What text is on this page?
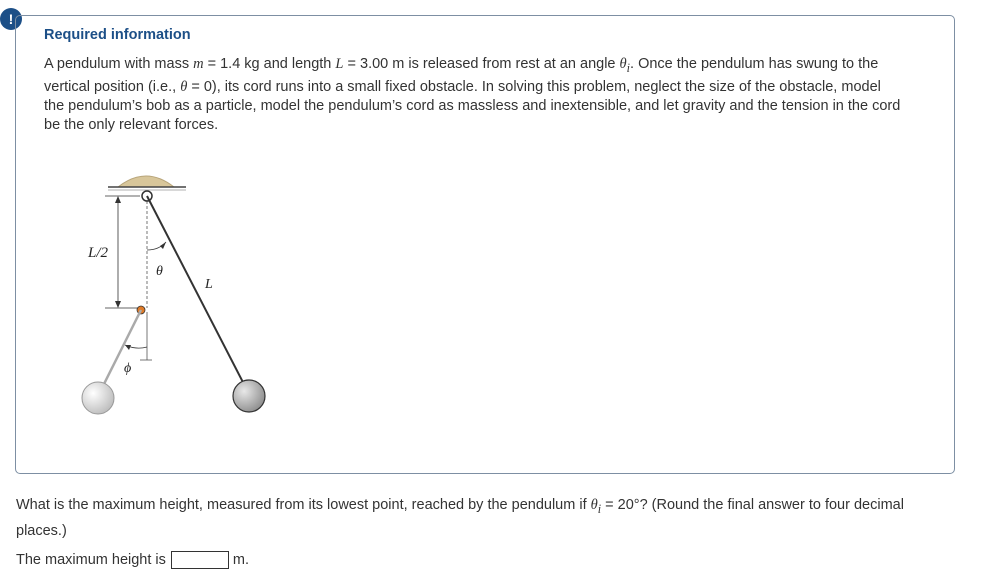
!
Required information

A pendulum with mass m = 1.4 kg and length L = 3.00 m is released from rest at an angle $\theta_i$. Once the pendulum has swung to the vertical position (i.e., θ = 0), its cord runs into a small fixed obstacle. In solving this problem, neglect the size of the obstacle, model the pendulum’s bob as a particle, model the pendulum’s cord as massless and inextensible, and let gravity and the tension in the cord be the only relevant forces.

L/2
θ
L
ϕ

What is the maximum height, measured from its lowest point, reached by the pendulum if $\theta_i = 20^\circ$? (Round the final answer to four decimal places.)

The maximum height is	m.
